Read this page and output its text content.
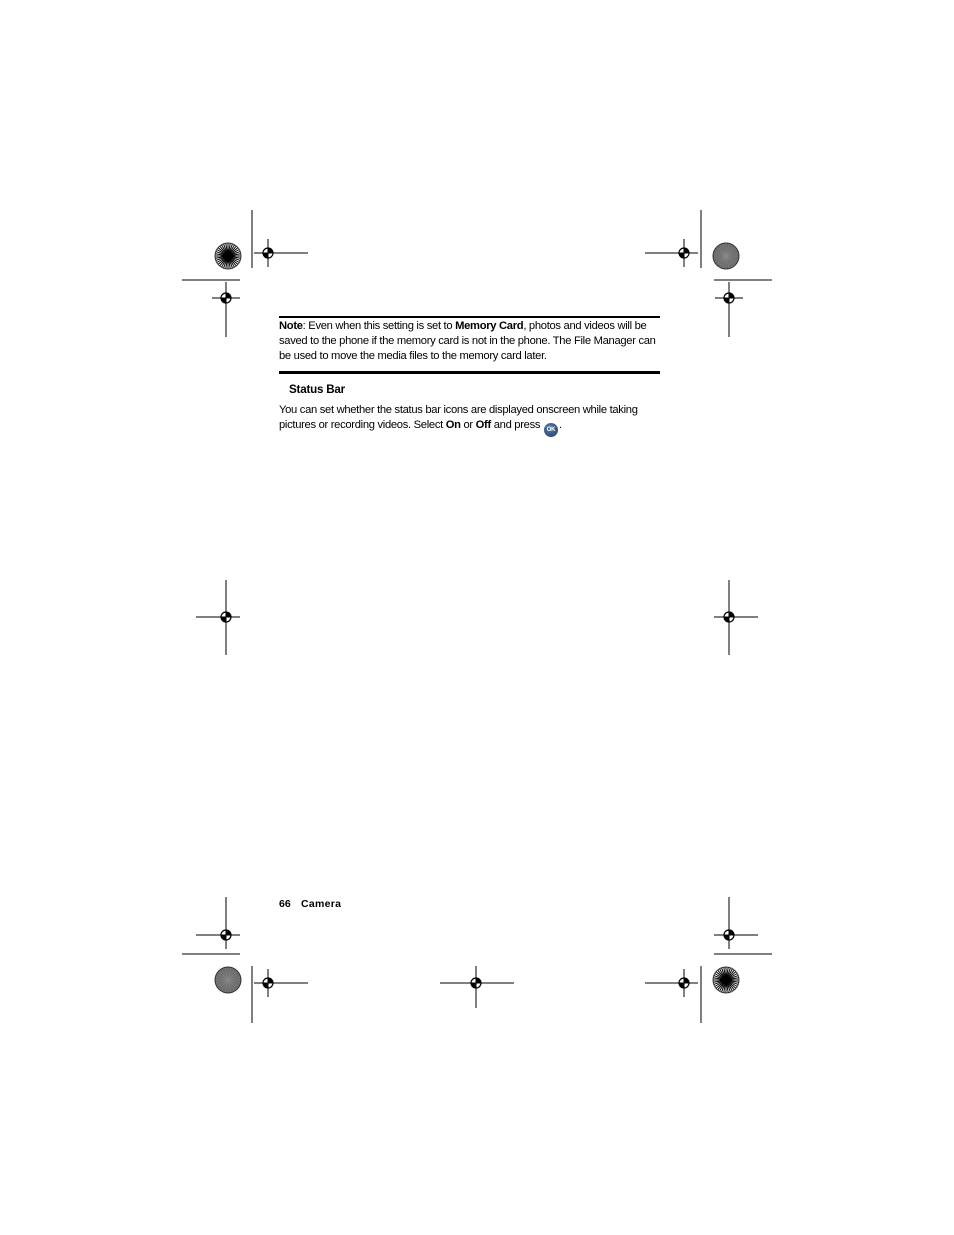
Note: Even when this setting is set to Memory Card, photos and videos will be saved to the phone if the memory card is not in the phone. The File Manager can be used to move the media files to the memory card later.
Status Bar
You can set whether the status bar icons are displayed onscreen while taking pictures or recording videos. Select On or Off and press OK .
66 Camera
